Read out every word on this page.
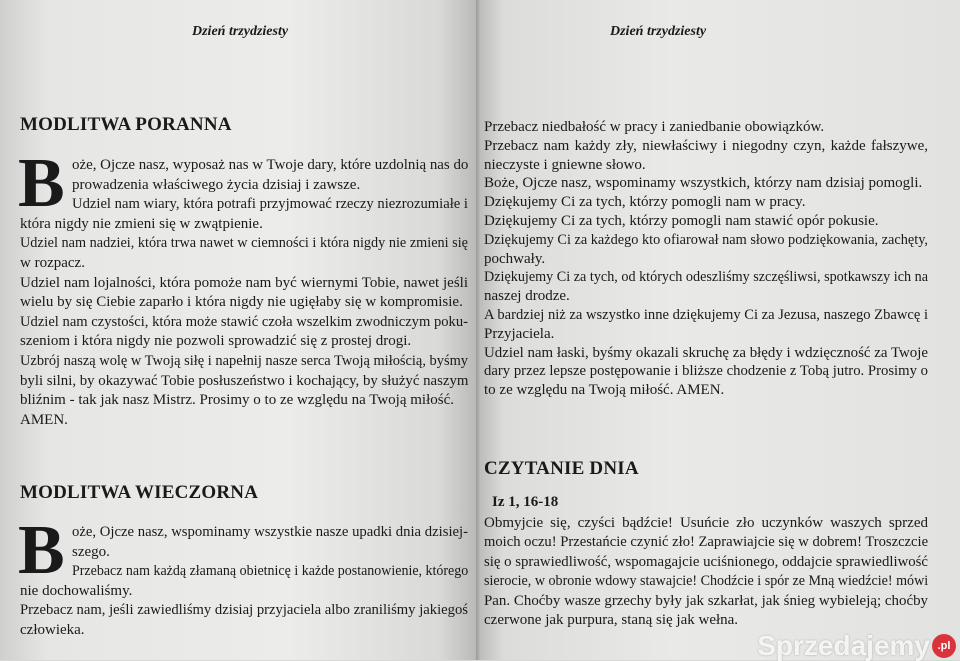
Dzień trzydziesty
MODLITWA PORANNA
B oże, Ojcze nasz, wyposaż nas w Twoje dary, które uzdolnią nas do
prowadzenia właściwego życia dzisiaj i zawsze.
Udziel nam wiary, która potrafi przyjmować rzeczy niezrozumiałe i
która nigdy nie zmieni się w zwątpienie.
Udziel nam nadziei, która trwa nawet w ciemności i która nigdy nie zmieni się
w rozpacz.
Udziel nam lojalności, która pomoże nam być wiernymi Tobie, nawet jeśli
wielu by się Ciebie zaparło i która nigdy nie ugięłaby się w kompromisie.
Udziel nam czystości, która może stawić czoła wszelkim zwodniczym poku-
szeniom i która nigdy nie pozwoli sprowadzić się z prostej drogi.
Uzbrój naszą wolę w Twoją siłę i napełnij nasze serca Twoją miłością, byśmy
byli silni, by okazywać Tobie posłuszeństwo i kochający, by służyć naszym
bliźnim - tak jak nasz Mistrz. Prosimy o to ze względu na Twoją miłość.
AMEN.
MODLITWA WIECZORNA
B oże, Ojcze nasz, wspominamy wszystkie nasze upadki dnia dzisiej-
szego.
Przebacz nam każdą złamaną obietnicę i każde postanowienie, którego
nie dochowaliśmy.
Przebacz nam, jeśli zawiedliśmy dzisiaj przyjaciela albo zraniliśmy jakiegoś
człowieka.
Dzień trzydziesty
Przebacz niedbałość w pracy i zaniedbanie obowiązków.
Przebacz nam każdy zły, niewłaściwy i niegodny czyn, każde fałszywe,
nieczyste i gniewne słowo.
Boże, Ojcze nasz, wspominamy wszystkich, którzy nam dzisiaj pomogli.
Dziękujemy Ci za tych, którzy pomogli nam w pracy.
Dziękujemy Ci za tych, którzy pomogli nam stawić opór pokusie.
Dziękujemy Ci za każdego kto ofiarował nam słowo podziękowania, zachęty,
pochwały.
Dziękujemy Ci za tych, od których odeszliśmy szczęśliwsi, spotkawszy ich na
naszej drodze.
A bardziej niż za wszystko inne dziękujemy Ci za Jezusa, naszego Zbawcę i
Przyjaciela.
Udziel nam łaski, byśmy okazali skruchę za błędy i wdzięczność za Twoje
dary przez lepsze postępowanie i bliższe chodzenie z Tobą jutro. Prosimy o
to ze względu na Twoją miłość. AMEN.
CZYTANIE DNIA
Iz 1, 16-18
Obmyjcie się, czyści bądźcie! Usuńcie zło uczynków waszych sprzed
moich oczu! Przestańcie czynić zło! Zaprawiajcie się w dobrem! Troszczcie
się o sprawiedliwość, wspomagajcie uciśnionego, oddajcie sprawiedliwość
sierocie, w obronie wdowy stawajcie! Chodźcie i spór ze Mną wiedźcie! mówi
Pan. Choćby wasze grzechy były jak szkarłat, jak śnieg wybieleją; choćby
czerwone jak purpura, staną się jak wełna.
Sprzedajemy .pl
